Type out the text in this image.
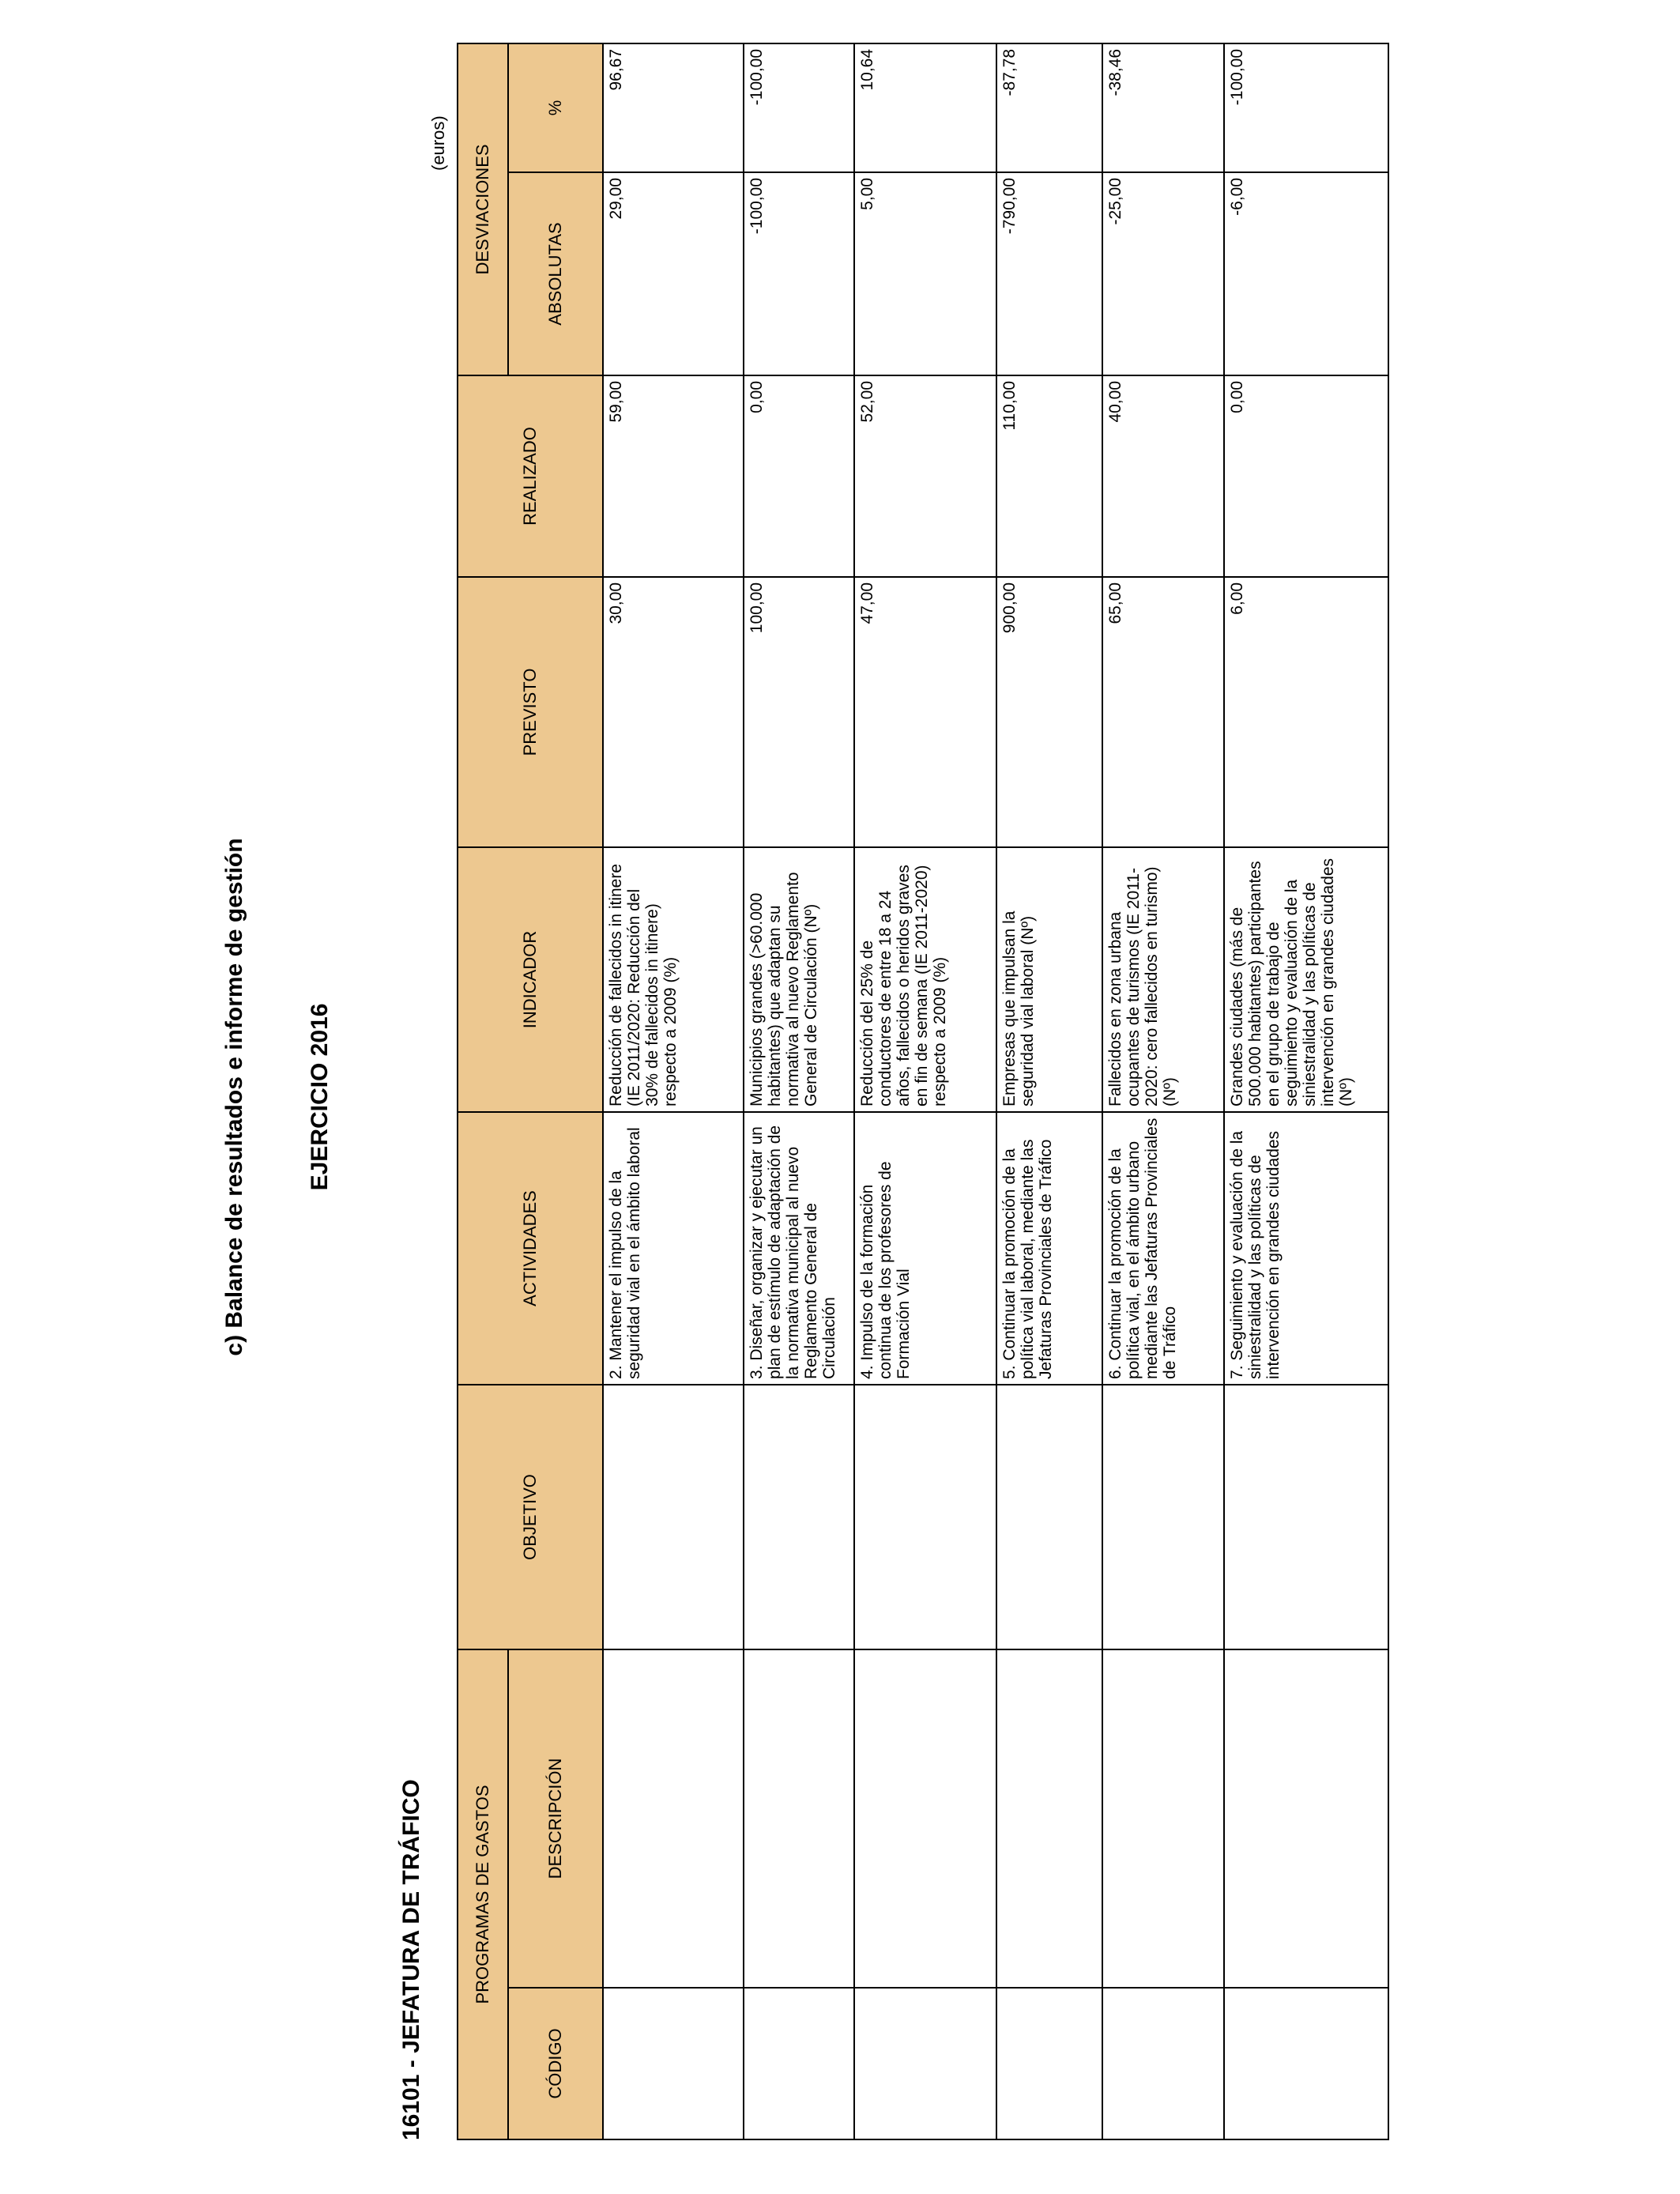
c) Balance de resultados e informe de gestión	EJERCICIO 2016
16101 - JEFATURA DE TRÁFICO
(euros)
PROGRAMAS DE GASTOS		OBJETIVO	ACTIVIDADES	INDICADOR	PREVISTO	REALIZADO	DESVIACIONES	
CÓDIGO	DESCRIPCIÓN						ABSOLUTAS	%
			2. Mantener el impulso de la seguridad vial en el ámbito laboral	Reducción de fallecidos in itinere (IE 2011/2020: Reducción del 30% de fallecidos in itinere) respecto a 2009 (%)	30,00	59,00	29,00	96,67
			3. Diseñar, organizar y ejecutar un plan de estímulo de adaptación de la normativa municipal al nuevo Reglamento General de Circulación	Municipios grandes (>60.000 habitantes) que adaptan su normativa al nuevo Reglamento General de Circulación (Nº)	100,00	0,00	-100,00	-100,00
			4. Impulso de la formación continua de los profesores de Formación Vial	Reducción del 25% de conductores de entre 18 a 24 años, fallecidos o heridos graves en fin de semana (IE 2011-2020) respecto a 2009 (%)	47,00	52,00	5,00	10,64
			5. Continuar la promoción de la política vial laboral, mediante las Jefaturas Provinciales de Tráfico	Empresas que impulsan la seguridad vial laboral (Nº)	900,00	110,00	-790,00	-87,78
			6. Continuar la promoción de la política vial, en el ámbito urbano mediante las Jefaturas Provinciales de Tráfico	Fallecidos en zona urbana ocupantes de turismos (IE 2011-2020: cero fallecidos en turismo) (Nº)	65,00	40,00	-25,00	-38,46
			7. Seguimiento y evaluación de la siniestralidad y las políticas de intervención en grandes ciudades	Grandes ciudades (más de 500.000 habitantes) participantes en el grupo de trabajo de seguimiento y evaluación de la siniestralidad y las políticas de intervención en grandes ciudades (Nº)	6,00	0,00	-6,00	-100,00
